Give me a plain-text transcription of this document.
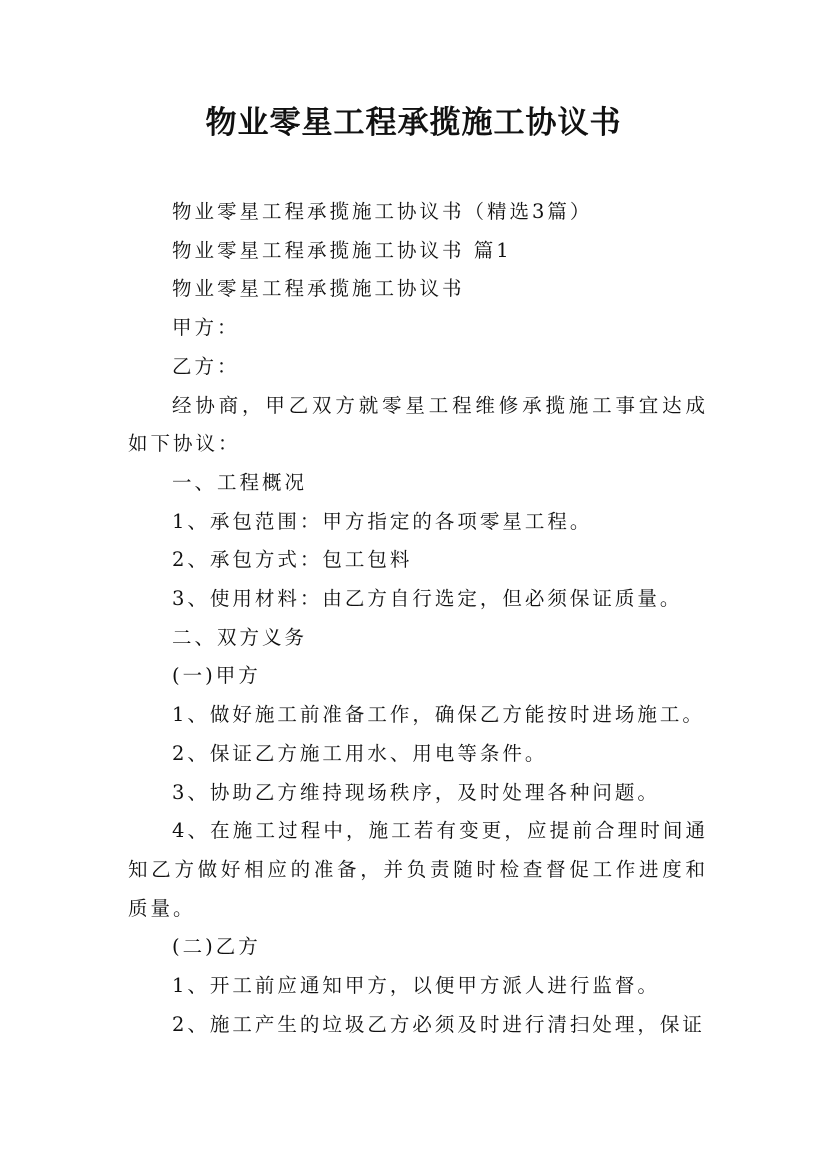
物业零星工程承揽施工协议书

物业零星工程承揽施工协议书（精选3篇）

物业零星工程承揽施工协议书 篇1

物业零星工程承揽施工协议书

甲方：

乙方：

经协商，甲乙双方就零星工程维修承揽施工事宜达成如下协议：

一、工程概况

1、承包范围：甲方指定的各项零星工程。

2、承包方式：包工包料

3、使用材料：由乙方自行选定，但必须保证质量。

二、双方义务

(一)甲方

1、做好施工前准备工作，确保乙方能按时进场施工。

2、保证乙方施工用水、用电等条件。

3、协助乙方维持现场秩序，及时处理各种问题。

4、在施工过程中，施工若有变更，应提前合理时间通知乙方做好相应的准备，并负责随时检查督促工作进度和质量。

(二)乙方

1、开工前应通知甲方，以便甲方派人进行监督。

2、施工产生的垃圾乙方必须及时进行清扫处理，保证
